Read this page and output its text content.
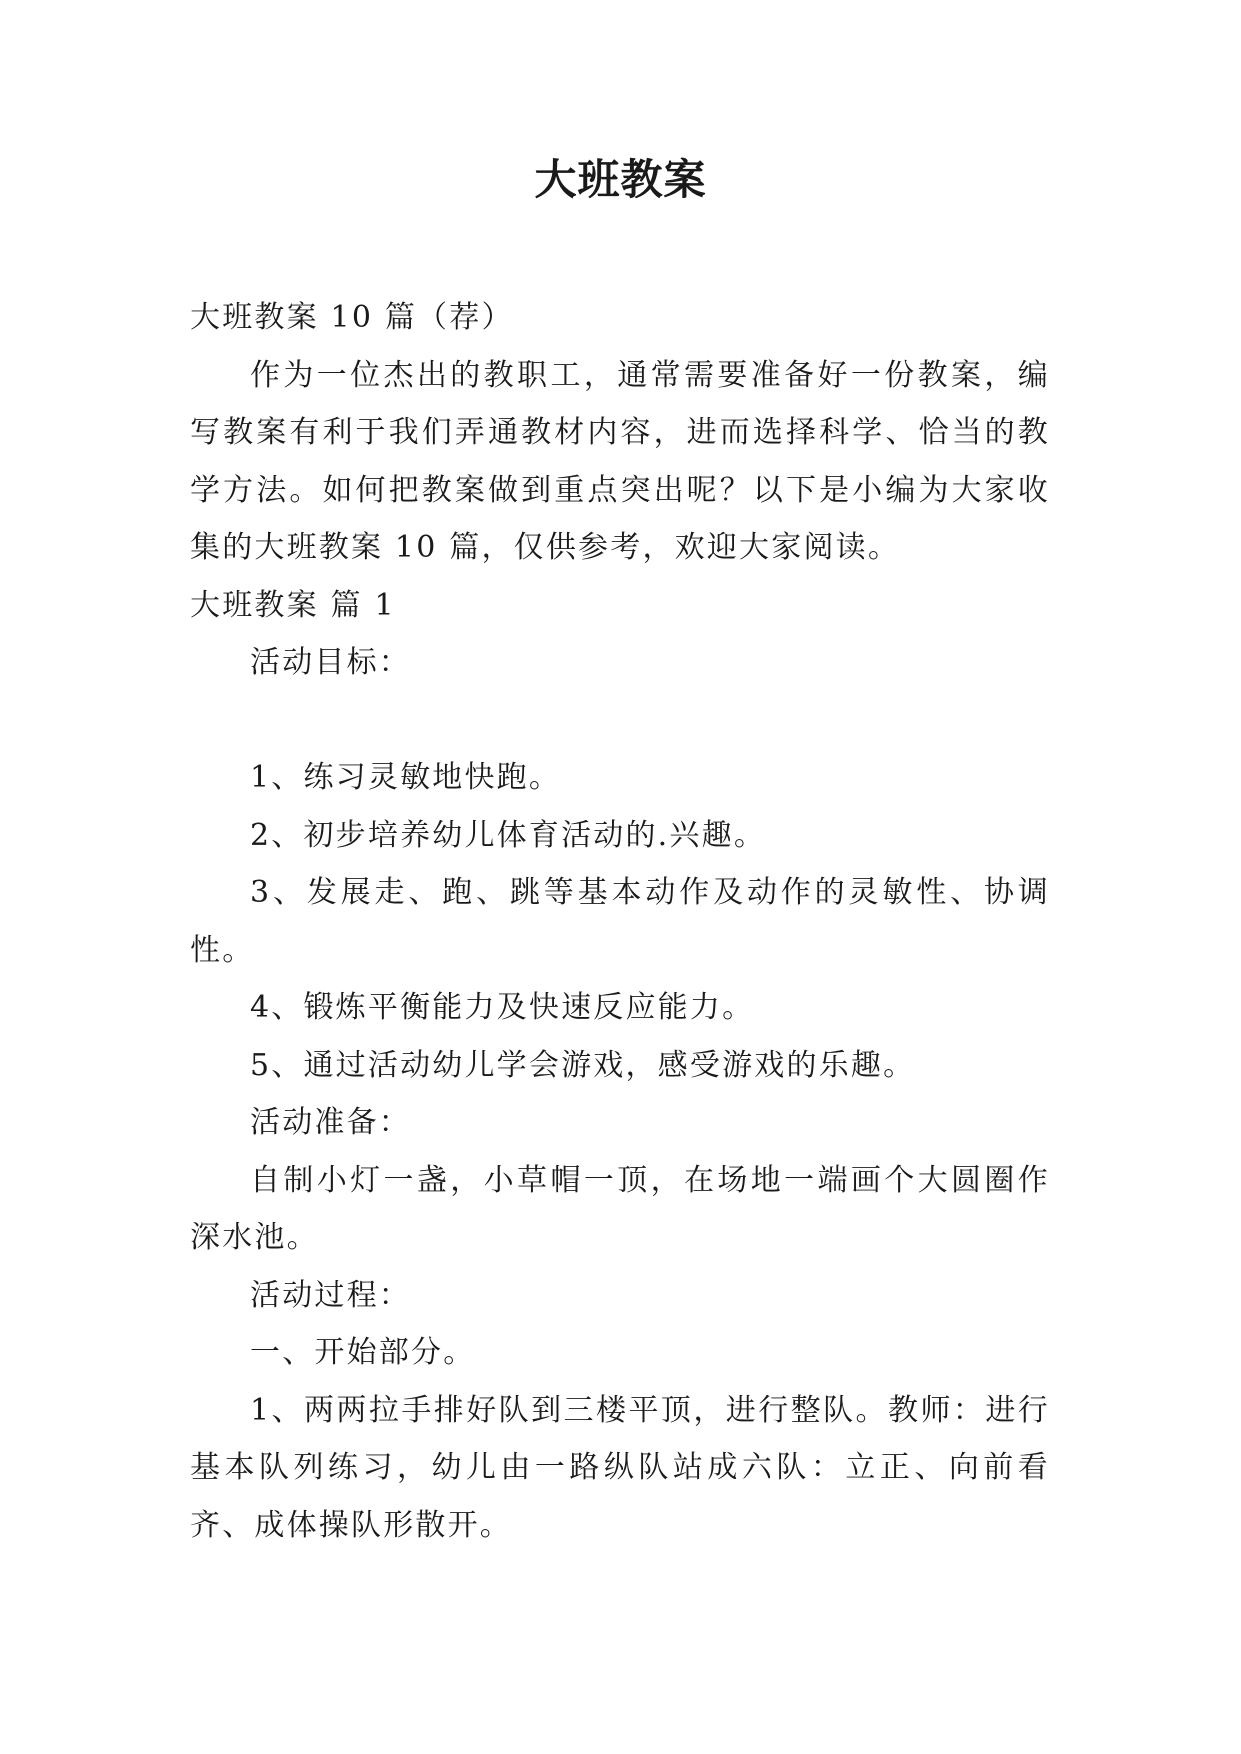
大班教案

大班教案 10 篇（荐）

作为一位杰出的教职工，通常需要准备好一份教案，编写教案有利于我们弄通教材内容，进而选择科学、恰当的教学方法。如何把教案做到重点突出呢？以下是小编为大家收集的大班教案 10 篇，仅供参考，欢迎大家阅读。

大班教案 篇 1

活动目标：

1、练习灵敏地快跑。

2、初步培养幼儿体育活动的.兴趣。

3、发展走、跑、跳等基本动作及动作的灵敏性、协调性。

4、锻炼平衡能力及快速反应能力。

5、通过活动幼儿学会游戏，感受游戏的乐趣。

活动准备：

自制小灯一盏，小草帽一顶，在场地一端画个大圆圈作深水池。

活动过程：

一、开始部分。

1、两两拉手排好队到三楼平顶，进行整队。教师：进行基本队列练习，幼儿由一路纵队站成六队：立正、向前看齐、成体操队形散开。
